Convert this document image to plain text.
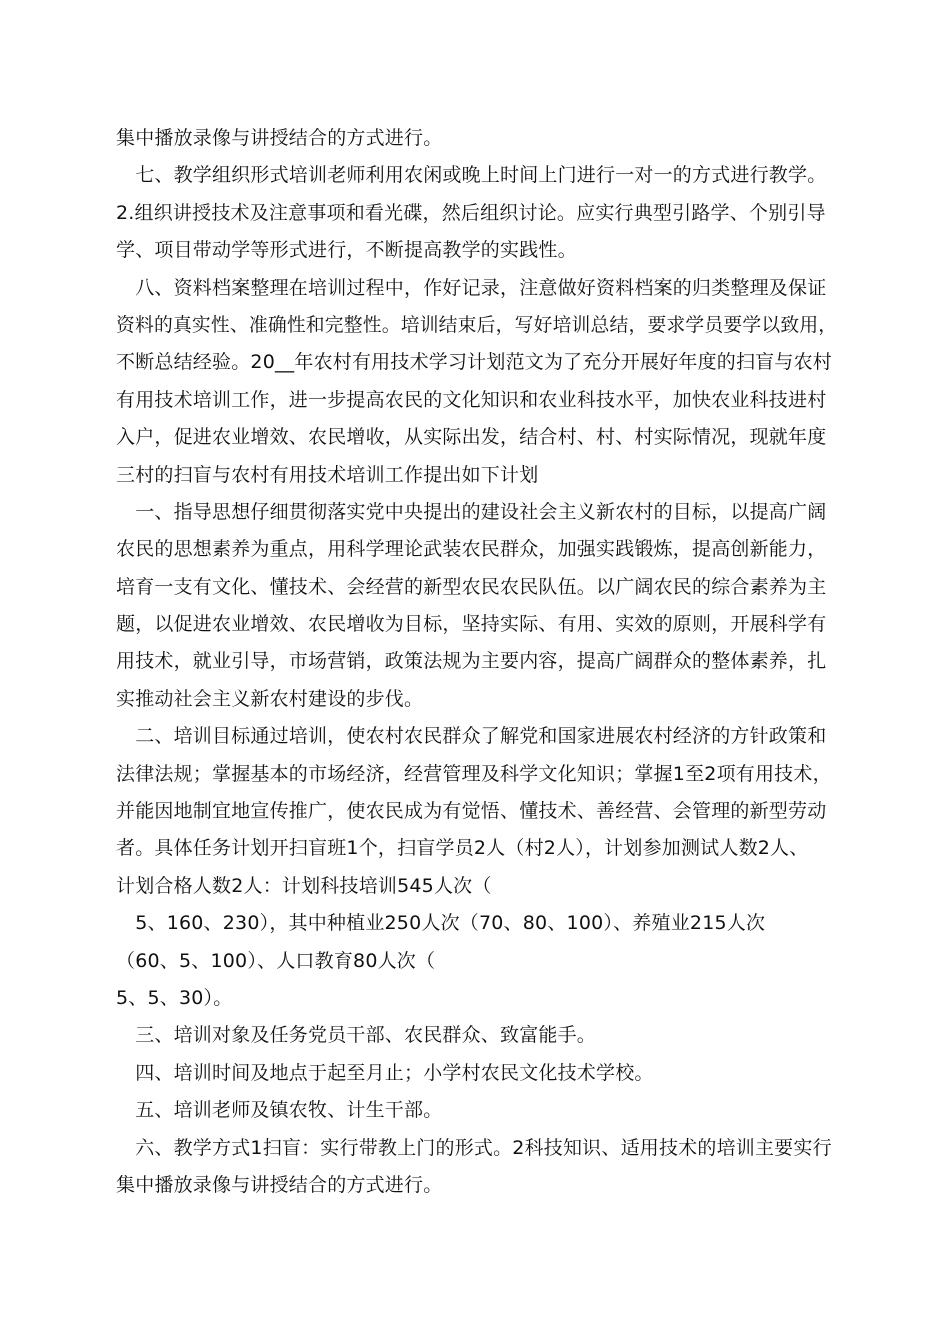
集中播放录像与讲授结合的方式进行。
　七、教学组织形式培训老师利用农闲或晚上时间上门进行一对一的方式进行教学。
2.组织讲授技术及注意事项和看光碟，然后组织讨论。应实行典型引路学、个别引导
学、项目带动学等形式进行，不断提高教学的实践性。
　八、资料档案整理在培训过程中，作好记录，注意做好资料档案的归类整理及保证
资料的真实性、准确性和完整性。培训结束后，写好培训总结，要求学员要学以致用，
不断总结经验。20__年农村有用技术学习计划范文为了充分开展好年度的扫盲与农村
有用技术培训工作，进一步提高农民的文化知识和农业科技水平，加快农业科技进村
入户，促进农业增效、农民增收，从实际出发，结合村、村、村实际情况，现就年度
三村的扫盲与农村有用技术培训工作提出如下计划
　一、指导思想仔细贯彻落实党中央提出的建设社会主义新农村的目标，以提高广阔
农民的思想素养为重点，用科学理论武装农民群众，加强实践锻炼，提高创新能力，
培育一支有文化、懂技术、会经营的新型农民农民队伍。以广阔农民的综合素养为主
题，以促进农业增效、农民增收为目标，坚持实际、有用、实效的原则，开展科学有
用技术，就业引导，市场营销，政策法规为主要内容，提高广阔群众的整体素养，扎
实推动社会主义新农村建设的步伐。
　二、培训目标通过培训，使农村农民群众了解党和国家进展农村经济的方针政策和
法律法规；掌握基本的市场经济，经营管理及科学文化知识；掌握1至2项有用技术，
并能因地制宜地宣传推广，使农民成为有觉悟、懂技术、善经营、会管理的新型劳动
者。具体任务计划开扫盲班1个，扫盲学员2人（村2人），计划参加测试人数2人、
计划合格人数2人：计划科技培训545人次（
　5、160、230），其中种植业250人次（70、80、100）、养殖业215人次
（60、5、100）、人口教育80人次（
5、5、30）。
　三、培训对象及任务党员干部、农民群众、致富能手。
　四、培训时间及地点于起至月止；小学村农民文化技术学校。
　五、培训老师及镇农牧、计生干部。
　六、教学方式1扫盲：实行带教上门的形式。2科技知识、适用技术的培训主要实行
集中播放录像与讲授结合的方式进行。
